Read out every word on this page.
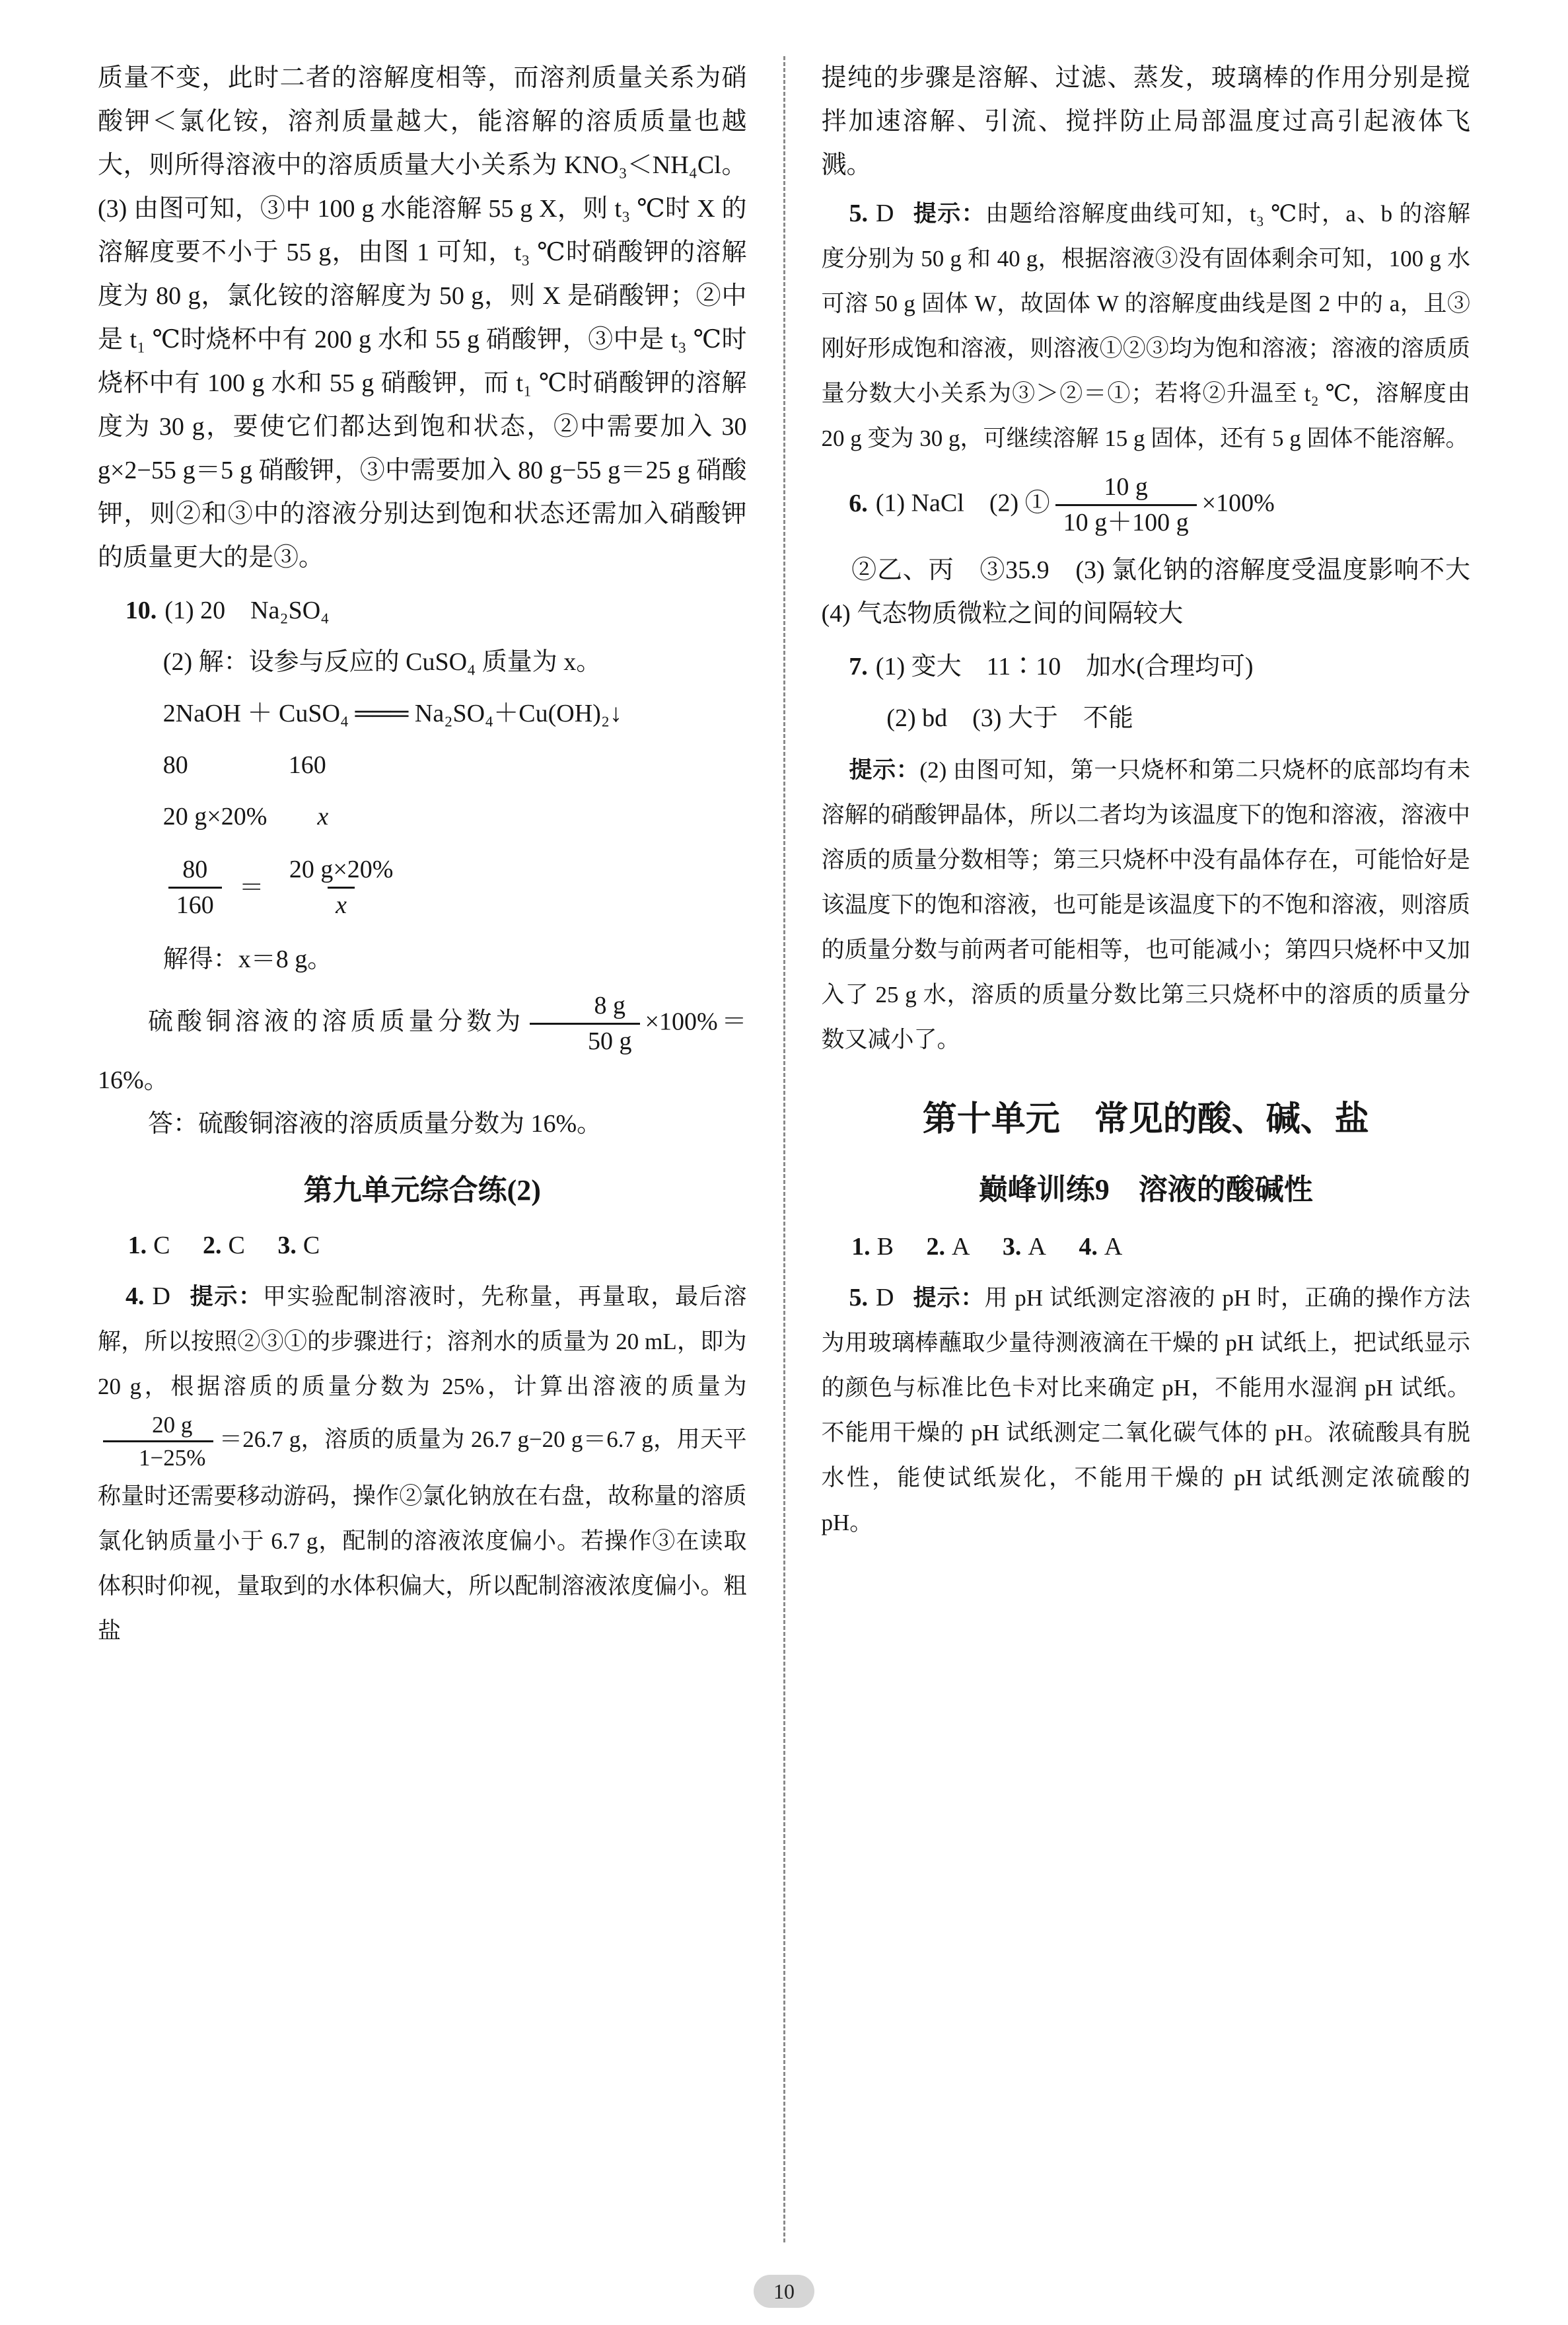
质量不变，此时二者的溶解度相等，而溶剂质量关系为硝酸钾＜氯化铵，溶剂质量越大，能溶解的溶质质量也越大，则所得溶液中的溶质质量大小关系为 KNO₃＜NH₄Cl。(3) 由图可知，③中 100 g 水能溶解 55 g X，则 t₃ ℃时 X 的溶解度要不小于 55 g，由图 1 可知，t₃ ℃时硝酸钾的溶解度为 80 g，氯化铵的溶解度为 50 g，则 X 是硝酸钾；②中是 t₁ ℃时烧杯中有 200 g 水和 55 g 硝酸钾，③中是 t₃ ℃时烧杯中有 100 g 水和 55 g 硝酸钾，而 t₁ ℃时硝酸钾的溶解度为 30 g，要使它们都达到饱和状态，②中需要加入 30 g×2−55 g＝5 g 硝酸钾，③中需要加入 80 g−55 g＝25 g 硝酸钾，则②和③中的溶液分别达到饱和状态还需加入硝酸钾的质量更大的是③。

10. (1) 20　Na₂SO₄

(2) 解：设参与反应的 CuSO₄ 质量为 x。

2NaOH ＋ CuSO₄ ═══ Na₂SO₄＋Cu(OH)₂↓

80　　　　160

20 g×20%　　x

$\frac{80}{160} = \frac{20 g\times 20\%}{x}$

解得：x＝8 g。

硫酸铜溶液的溶质质量分数为 $\frac{8 g}{50 g} \times 100\%=16\%$。

答：硫酸铜溶液的溶质质量分数为 16%。

第九单元综合练(2)

1. C 2. C 3. C

4. D 提示：甲实验配制溶液时，先称量，再量取，最后溶解，所以按照②③①的步骤进行；溶剂水的质量为 20 mL，即为 20 g，根据溶质的质量分数为 25%，计算出溶液的质量为
$\frac{20 g}{1-25\%} =26.7$ g，溶质的质量为 26.7 g−20 g＝6.7 g，用天平称量时还需要移动游码，操作②氯化钠放在右盘，故称量的溶质氯化钠质量小于 6.7 g，配制的溶液浓度偏小。若操作③在读取体积时仰视，量取到的水体积偏大，所以配制溶液浓度偏小。粗盐

提纯的步骤是溶解、过滤、蒸发，玻璃棒的作用分别是搅拌加速溶解、引流、搅拌防止局部温度过高引起液体飞溅。

5. D 提示：由题给溶解度曲线可知，t₃ ℃时，a、b 的溶解度分别为 50 g 和 40 g，根据溶液③没有固体剩余可知，100 g 水可溶 50 g 固体 W，故固体 W 的溶解度曲线是图 2 中的 a，且③刚好形成饱和溶液，则溶液①②③均为饱和溶液；溶液的溶质质量分数大小关系为③＞②＝①；若将②升温至 t₂ ℃，溶解度由 20 g 变为 30 g，可继续溶解 15 g 固体，还有 5 g 固体不能溶解。

6. (1) NaCl　(2) ① $\frac{10 g}{10 g+100 g} \times 100\%$

②乙、丙　③35.9　(3) 氯化钠的溶解度受温度影响不大　(4) 气态物质微粒之间的间隔较大

7. (1) 变大　11∶10　加水(合理均可)

(2) bd　(3) 大于　不能

提示：(2) 由图可知，第一只烧杯和第二只烧杯的底部均有未溶解的硝酸钾晶体，所以二者均为该温度下的饱和溶液，溶液中溶质的质量分数相等；第三只烧杯中没有晶体存在，可能恰好是该温度下的饱和溶液，也可能是该温度下的不饱和溶液，则溶质的质量分数与前两者可能相等，也可能减小；第四只烧杯中又加入了 25 g 水，溶质的质量分数比第三只烧杯中的溶质的质量分数又减小了。

第十单元　常见的酸、碱、盐
巅峰训练9　溶液的酸碱性

1. B 2. A 3. A 4. A

5. D 提示：用 pH 试纸测定溶液的 pH 时，正确的操作方法为用玻璃棒蘸取少量待测液滴在干燥的 pH 试纸上，把试纸显示的颜色与标准比色卡对比来确定 pH，不能用水湿润 pH 试纸。不能用干燥的 pH 试纸测定二氧化碳气体的 pH。浓硫酸具有脱水性，能使试纸炭化，不能用干燥的 pH 试纸测定浓硫酸的 pH。

10
